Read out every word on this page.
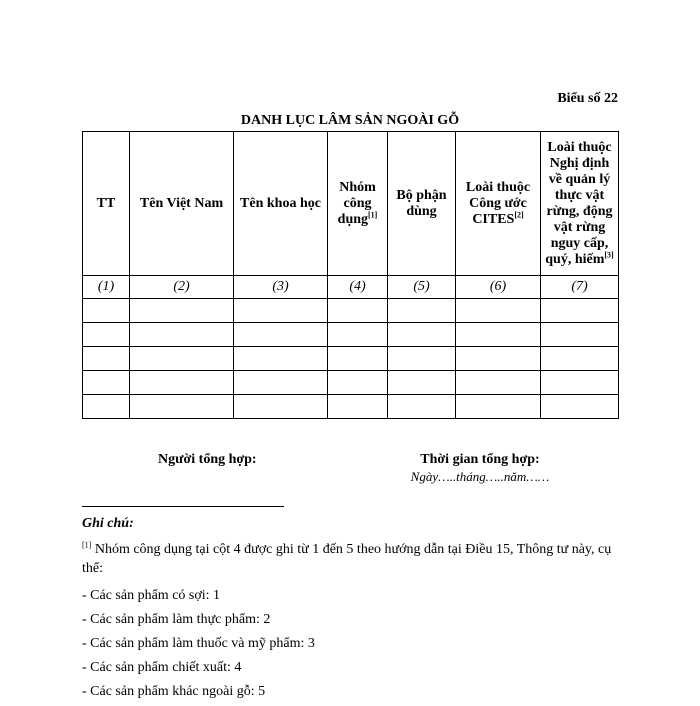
Biểu số 22
DANH LỤC LÂM SẢN NGOÀI GỖ
TT	Tên Việt Nam	Tên khoa học	Nhóm công dụng[1]	Bộ phận dùng	Loài thuộc Công ước CITES[2]	Loài thuộc Nghị định về quản lý thực vật rừng, động vật rừng nguy cấp, quý, hiếm[3]
(1)	(2)	(3)	(4)	(5)	(6)	(7)

Người tổng hợp:	Thời gian tổng hợp:
Ngày…..tháng…..năm……
Ghi chú:

[1] Nhóm công dụng tại cột 4 được ghi từ 1 đến 5 theo hướng dẫn tại Điều 15, Thông tư này, cụ thể:

- Các sản phẩm có sợi: 1
- Các sản phẩm làm thực phẩm: 2
- Các sản phẩm làm thuốc và mỹ phẩm: 3
- Các sản phẩm chiết xuất: 4
- Các sản phẩm khác ngoài gỗ: 5
